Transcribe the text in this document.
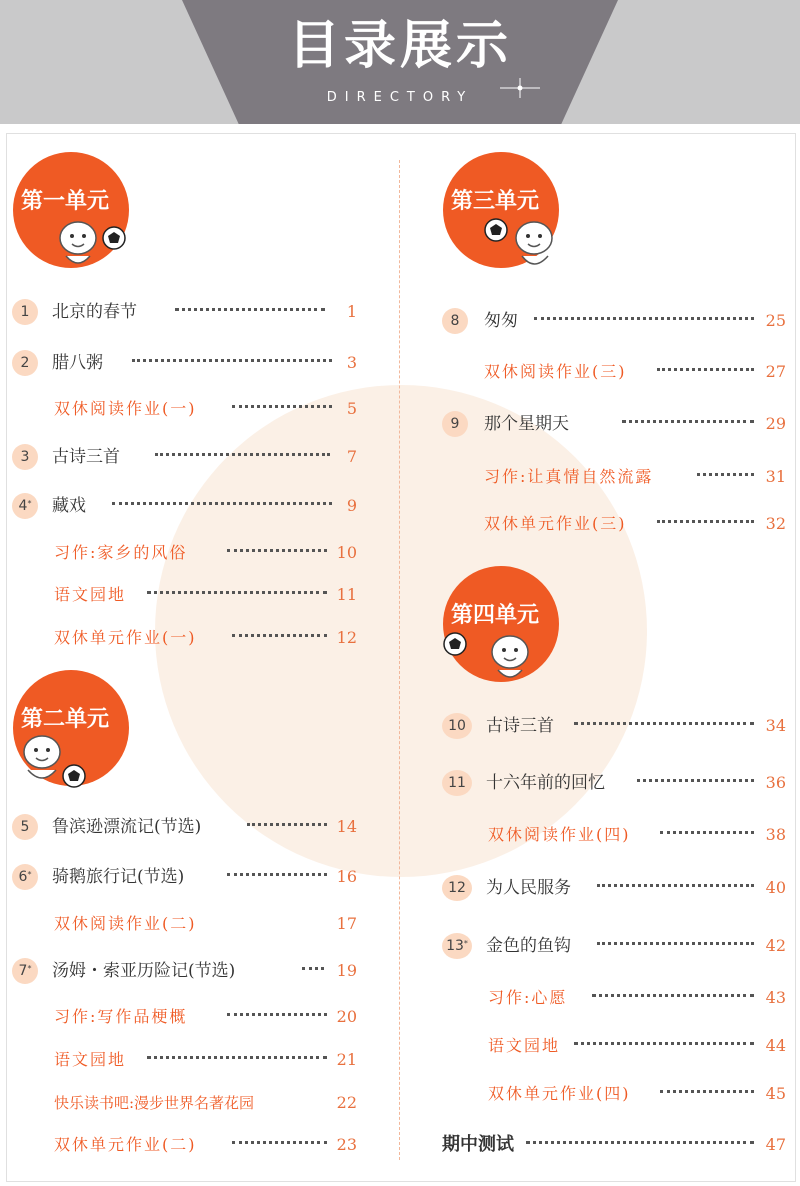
目录展示
DIRECTORY
第一单元
第二单元
第三单元
第四单元
1	北京的春节	1
2	腊八粥	3
双休阅读作业(一)	5
3	古诗三首	7
4*	藏戏	9
习作:家乡的风俗	10
语文园地	11
双休单元作业(一)	12
5	鲁滨逊漂流记(节选)	14
6*	骑鹅旅行记(节选)	16
双休阅读作业(二)	17
7*	汤姆・索亚历险记(节选)	19
习作:写作品梗概	20
语文园地	21
快乐读书吧:漫步世界名著花园	22
双休单元作业(二)	23
8	匆匆	25
双休阅读作业(三)	27
9	那个星期天	29
习作:让真情自然流露	31
双休单元作业(三)	32
10	古诗三首	34
11	十六年前的回忆	36
双休阅读作业(四)	38
12	为人民服务	40
13* 金色的鱼钩	42
习作:心愿	43
语文园地	44
双休单元作业(四)	45
期中测试	47
